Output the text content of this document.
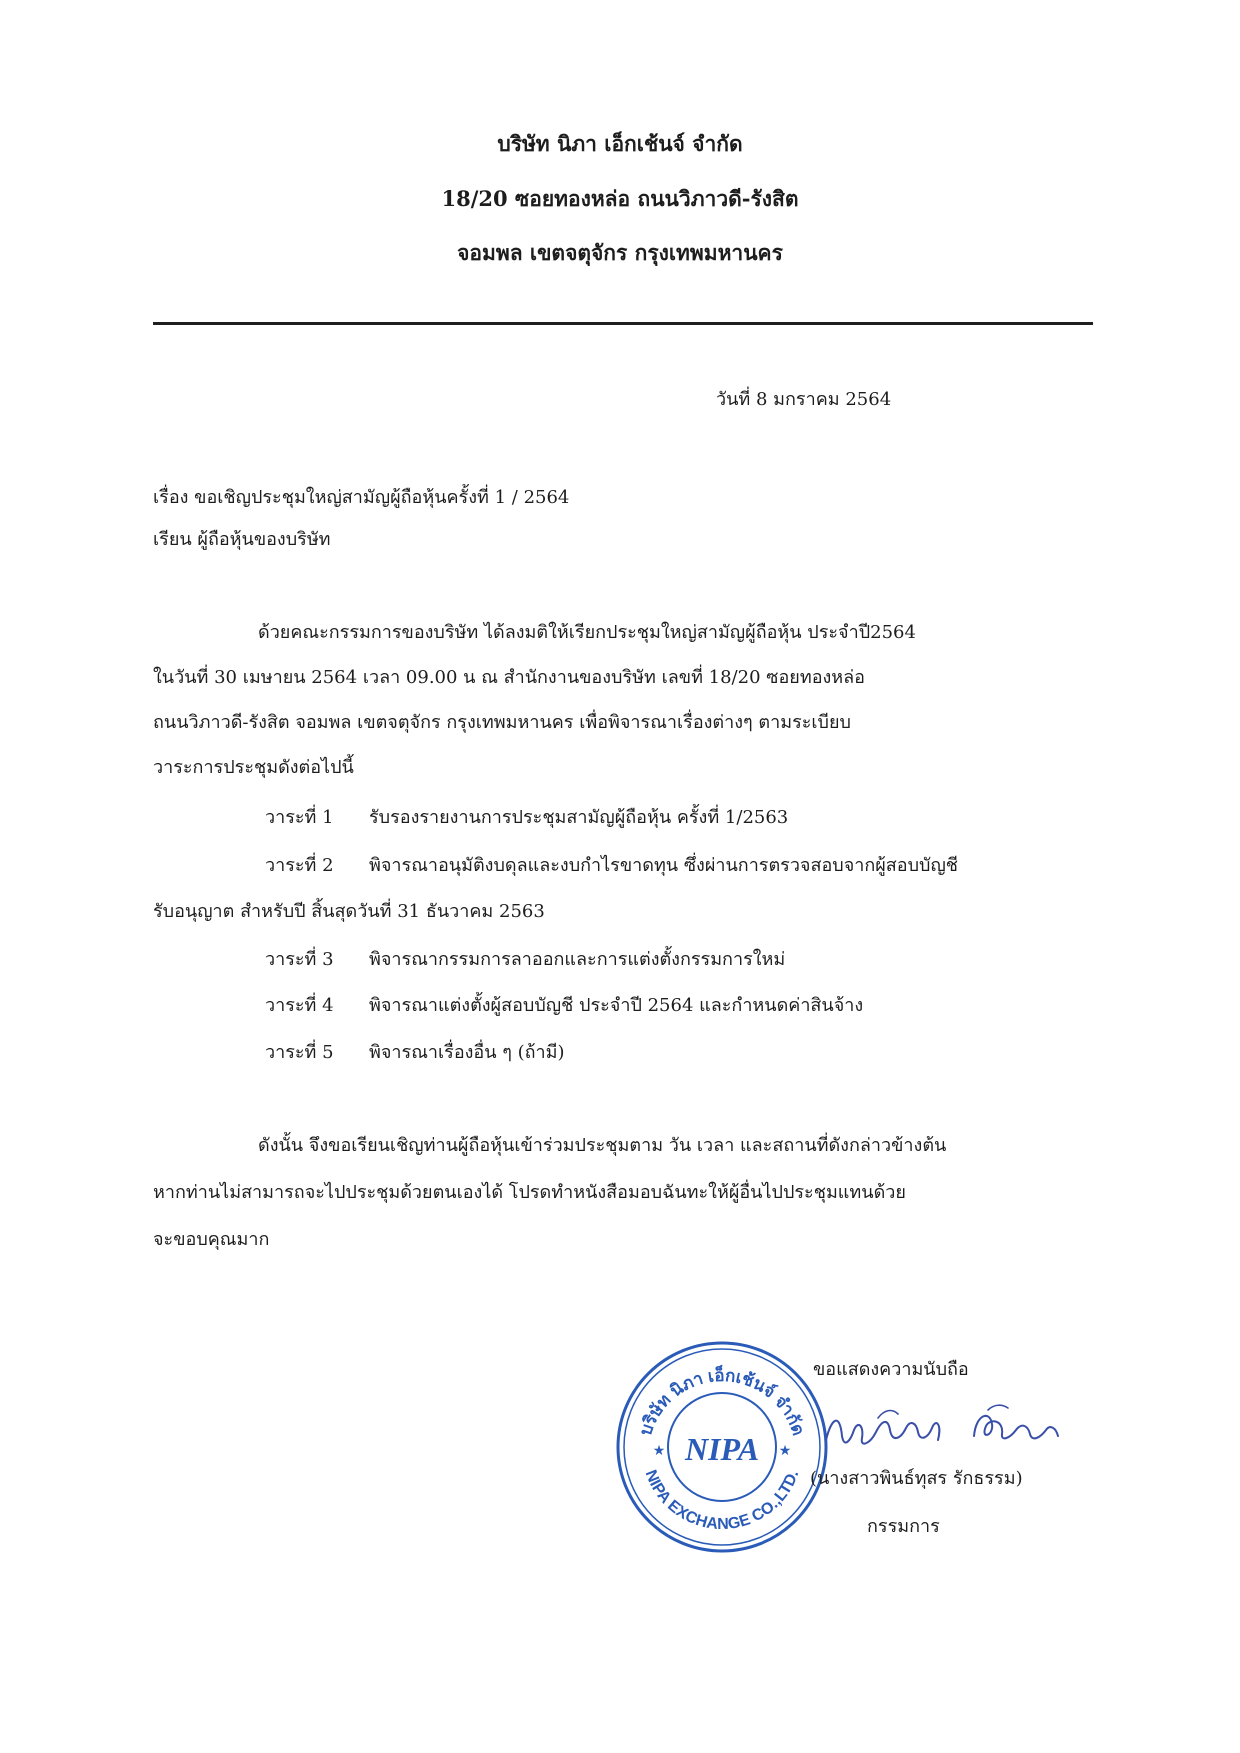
บริษัท นิภา เอ็กเช้นจ์ จำกัด
18/20 ซอยทองหล่อ ถนนวิภาวดี-รังสิต
จอมพล เขตจตุจักร กรุงเทพมหานคร
วันที่ 8 มกราคม 2564
เรื่อง ขอเชิญประชุมใหญ่สามัญผู้ถือหุ้นครั้งที่ 1 / 2564
เรียน ผู้ถือหุ้นของบริษัท
ด้วยคณะกรรมการของบริษัท ได้ลงมติให้เรียกประชุมใหญ่สามัญผู้ถือหุ้น ประจำปี2564
ในวันที่ 30 เมษายน 2564 เวลา 09.00 น ณ สำนักงานของบริษัท เลขที่ 18/20 ซอยทองหล่อ
ถนนวิภาวดี-รังสิต จอมพล เขตจตุจักร กรุงเทพมหานคร เพื่อพิจารณาเรื่องต่างๆ ตามระเบียบ
วาระการประชุมดังต่อไปนี้
วาระที่ 1 รับรองรายงานการประชุมสามัญผู้ถือหุ้น ครั้งที่ 1/2563
วาระที่ 2 พิจารณาอนุมัติงบดุลและงบกำไรขาดทุน ซึ่งผ่านการตรวจสอบจากผู้สอบบัญชี
รับอนุญาต สำหรับปี สิ้นสุดวันที่ 31 ธันวาคม 2563
วาระที่ 3 พิจารณากรรมการลาออกและการแต่งตั้งกรรมการใหม่
วาระที่ 4 พิจารณาแต่งตั้งผู้สอบบัญชี ประจำปี 2564 และกำหนดค่าสินจ้าง
วาระที่ 5 พิจารณาเรื่องอื่น ๆ (ถ้ามี)
ดังนั้น จึงขอเรียนเชิญท่านผู้ถือหุ้นเข้าร่วมประชุมตาม วัน เวลา และสถานที่ดังกล่าวข้างต้น
หากท่านไม่สามารถจะไปประชุมด้วยตนเองได้ โปรดทำหนังสือมอบฉันทะให้ผู้อื่นไปประชุมแทนด้วย
จะขอบคุณมาก
บริษัท นิภา เอ็กเช้นจ์ จำกัด
NIPA EXCHANGE CO.,LTD.
NIPA
★	★
ขอแสดงความนับถือ
(นางสาวพินธ์ทุสร รักธรรม)
กรรมการ
